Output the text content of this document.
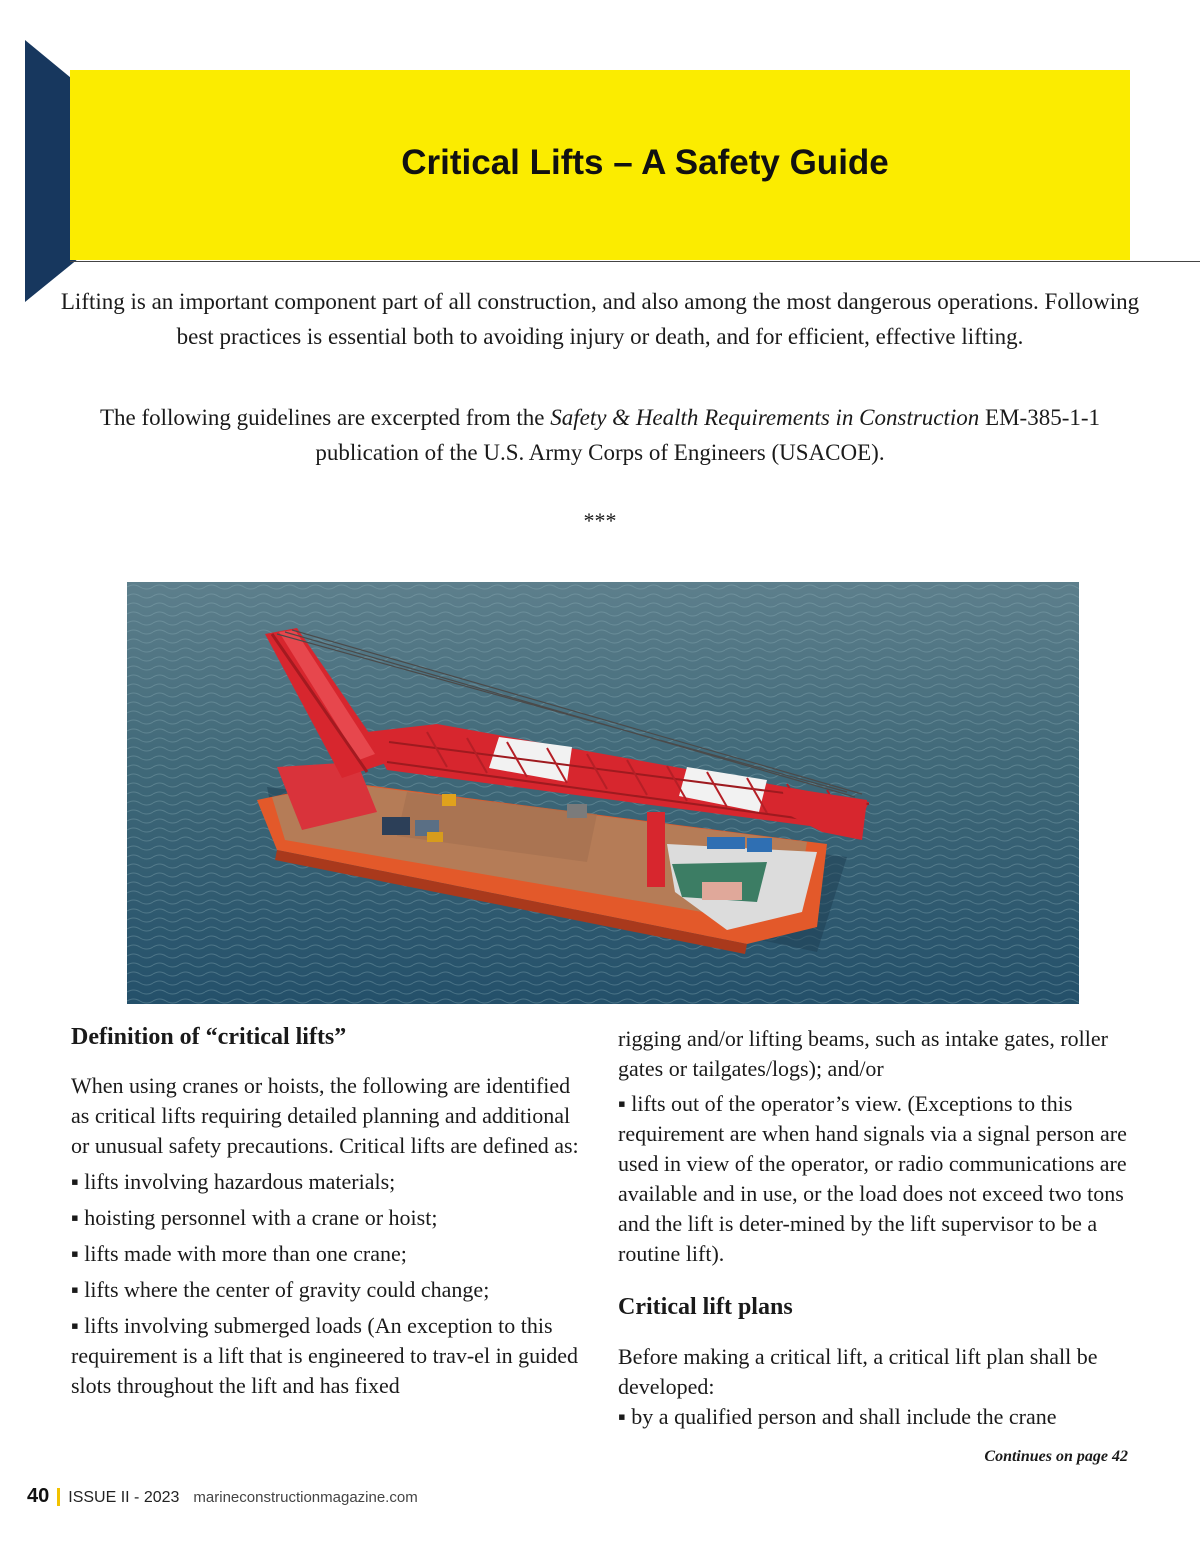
Critical Lifts – A Safety Guide

Lifting is an important component part of all construction, and also among the most dangerous operations. Following best practices is essential both to avoiding injury or death, and for efficient, effective lifting.

The following guidelines are excerpted from the Safety & Health Requirements in Construction EM-385-1-1 publication of the U.S. Army Corps of Engineers (USACOE).

***

Definition of “critical lifts”

When using cranes or hoists, the following are identified as critical lifts requiring detailed planning and additional or unusual safety precautions. Critical lifts are defined as:

▪ lifts involving hazardous materials;

▪ hoisting personnel with a crane or hoist;

▪ lifts made with more than one crane;

▪ lifts where the center of gravity could change;

▪ lifts involving submerged loads (An exception to this requirement is a lift that is engineered to trav-el in guided slots throughout the lift and has fixed

rigging and/or lifting beams, such as intake gates, roller gates or tailgates/logs); and/or

▪ lifts out of the operator’s view. (Exceptions to this requirement are when hand signals via a signal person are used in view of the operator, or radio communications are available and in use, or the load does not exceed two tons and the lift is deter-mined by the lift supervisor to be a routine lift).

Critical lift plans

Before making a critical lift, a critical lift plan shall be developed:

▪ by a qualified person and shall include the crane

Continues on page 42
40 ISSUE II - 2023 marineconstructionmagazine.com
